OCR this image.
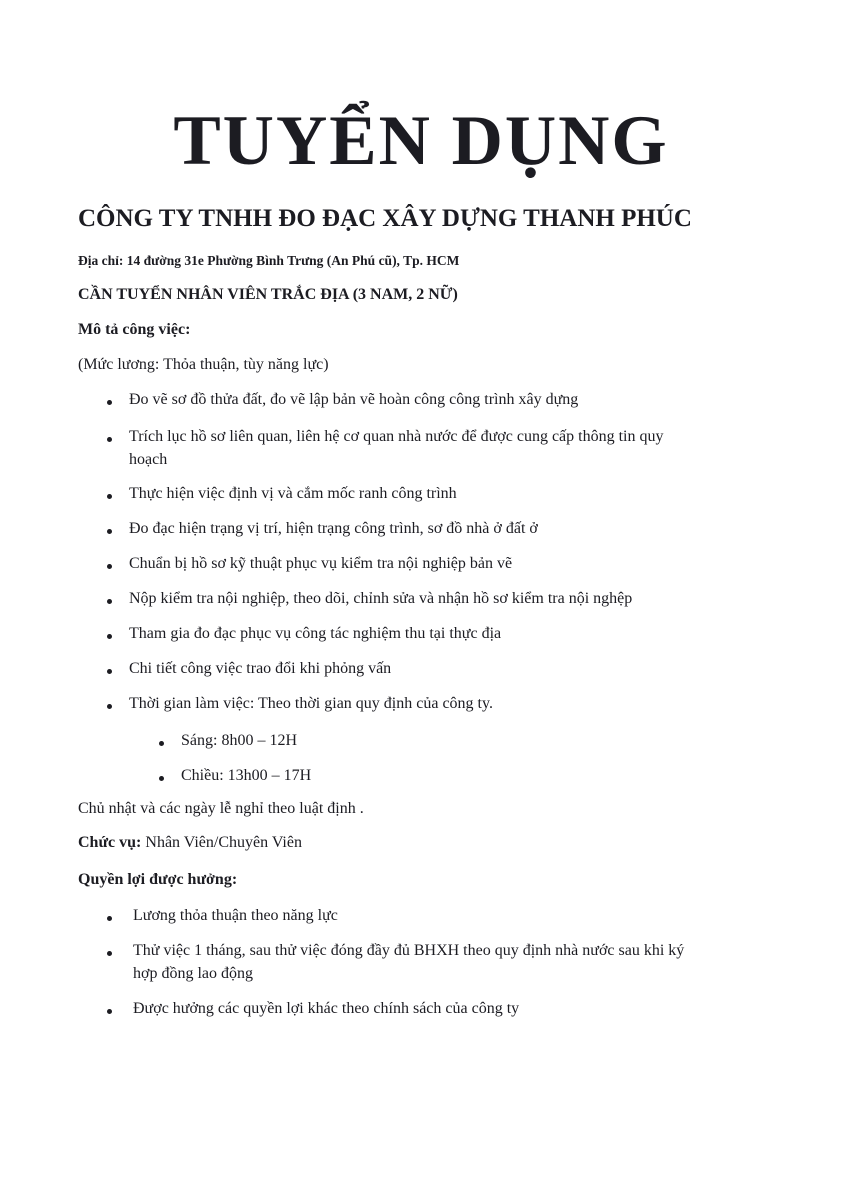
TUYỂN DỤNG
CÔNG TY TNHH ĐO ĐẠC XÂY DỰNG THANH PHÚC
Địa chỉ: 14 đường 31e Phường Bình Trưng (An Phú cũ), Tp. HCM
CẦN TUYỂN NHÂN VIÊN TRẮC ĐỊA (3 NAM, 2 NỮ)
Mô tả công việc:
(Mức lương: Thỏa thuận, tùy năng lực)
Đo vẽ sơ đồ thửa đất, đo vẽ lập bản vẽ hoàn công công trình xây dựng
Trích lục hồ sơ liên quan, liên hệ cơ quan nhà nước để được cung cấp thông tin quy
hoạch
Thực hiện việc định vị và cắm mốc ranh công trình
Đo đạc hiện trạng vị trí, hiện trạng công trình, sơ đồ nhà ở đất ở
Chuẩn bị hồ sơ kỹ thuật phục vụ kiểm tra nội nghiệp bản vẽ
Nộp kiểm tra nội nghiệp, theo dõi, chỉnh sửa và nhận hồ sơ kiểm tra nội nghệp
Tham gia đo đạc phục vụ công tác nghiệm thu tại thực địa
Chi tiết công việc trao đổi khi phỏng vấn
Thời gian làm việc: Theo thời gian quy định của công ty.
Sáng: 8h00 – 12H
Chiều: 13h00 – 17H
Chủ nhật và các ngày lễ nghỉ theo luật định .
Chức vụ: Nhân Viên/Chuyên Viên
Quyền lợi được hưởng:
Lương thỏa thuận theo năng lực
Thử việc 1 tháng, sau thử việc đóng đầy đủ BHXH theo quy định nhà nước sau khi ký
hợp đồng lao động
Được hưởng các quyền lợi khác theo chính sách của công ty
